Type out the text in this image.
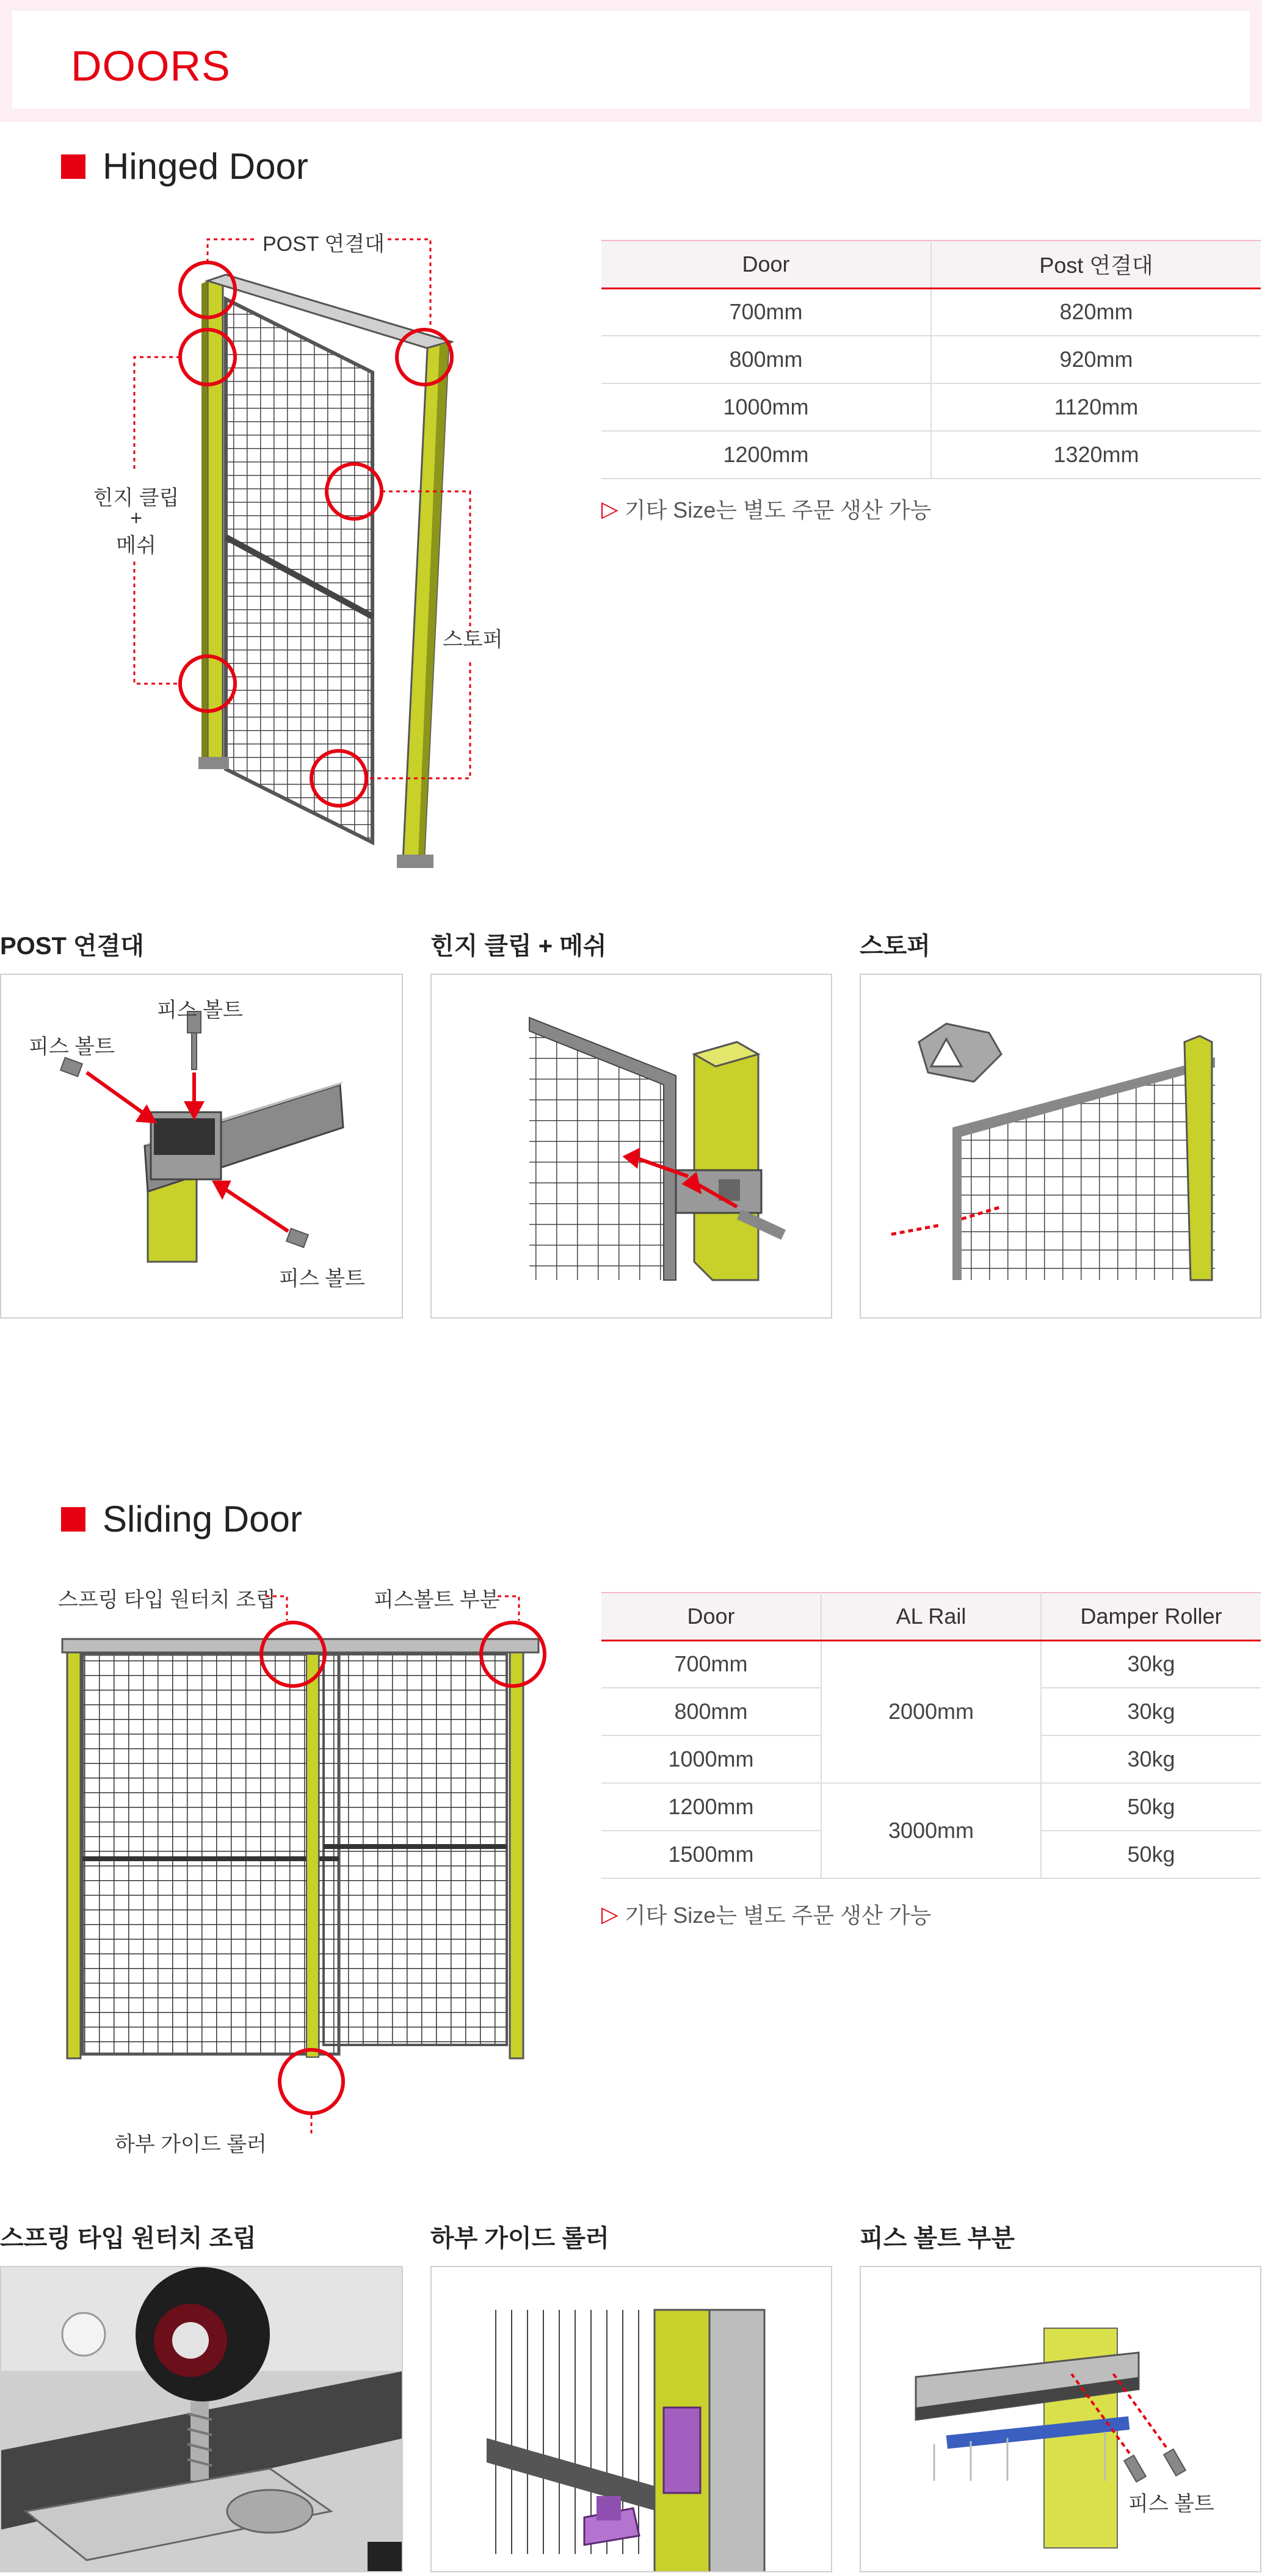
DOORS
Hinged Door
POST 연결대
힌지 클립
+
메쉬
스토퍼
Door	Post 연결대
700mm	820mm
800mm	920mm
1000mm	1120mm
1200mm	1320mm
▷ 기타 Size는 별도 주문 생산 가능
POST 연결대	힌지 클립 + 메쉬	스토퍼
피스 볼트
피스 볼트
피스 볼트
Sliding Door
스프링 타입 원터치 조립	피스볼트 부분
하부 가이드 롤러
Door	AL Rail	Damper Roller
700mm	2000mm	30kg
800mm		30kg
1000mm		30kg
1200mm	3000mm	50kg
1500mm		50kg
▷ 기타 Size는 별도 주문 생산 가능
스프링 타입 원터치 조립	하부 가이드 롤러	피스 볼트 부분
피스 볼트
